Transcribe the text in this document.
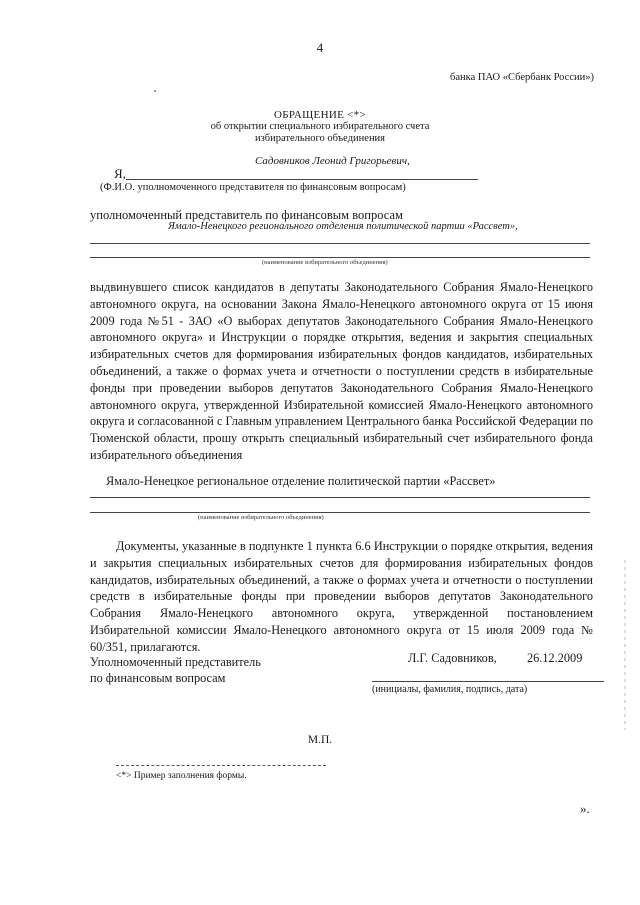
4
банка ПАО «Сбербанк России»)
ОБРАЩЕНИЕ <*>
об открытии специального избирательного счета
избирательного объединения
Садовников Леонид Григорьевич,
Я,
(Ф.И.О. уполномоченного представителя по финансовым вопросам)
уполномоченный представитель по финансовым вопросам
Ямало-Ненецкого регионального отделения политической партии «Рассвет»,
(наименование избирательного объединения)

выдвинувшего список кандидатов в депутаты Законодательного Собрания Ямало-Ненецкого автономного округа, на основании Закона Ямало-Ненецкого автономного округа от 15 июня 2009 года №51 - ЗАО «О выборах депутатов Законодательного Собрания Ямало-Ненецкого автономного округа» и Инструкции о порядке открытия, ведения и закрытия специальных избирательных счетов для формирования избирательных фондов кандидатов, избирательных объединений, а также о формах учета и отчетности о поступлении средств в избирательные фонды при проведении выборов депутатов Законодательного Собрания Ямало-Ненецкого автономного округа, утвержденной Избирательной комиссией Ямало-Ненецкого автономного округа и согласованной с Главным управлением Центрального банка Российской Федерации по Тюменской области, прошу открыть специальный избирательный счет избирательного фонда избирательного объединения

Ямало-Ненецкое региональное отделение политической партии «Рассвет»
(наименование избирательного объединения)

Документы, указанные в подпункте 1 пункта 6.6 Инструкции о порядке открытия, ведения и закрытия специальных избирательных счетов для формирования избирательных фондов кандидатов, избирательных объединений, а также о формах учета и отчетности о поступлении средств в избирательные фонды при проведении выборов депутатов Законодательного Собрания Ямало-Ненецкого автономного округа, утвержденной постановлением Избирательной комиссии Ямало-Ненецкого автономного округа от 15 июля 2009 года № 60/351, прилагаются.

Уполномоченный представитель
по финансовым вопросам
Л.Г. Садовников, 26.12.2009
(инициалы, фамилия, подпись, дата)
М.П.
<*> Пример заполнения формы.
».
